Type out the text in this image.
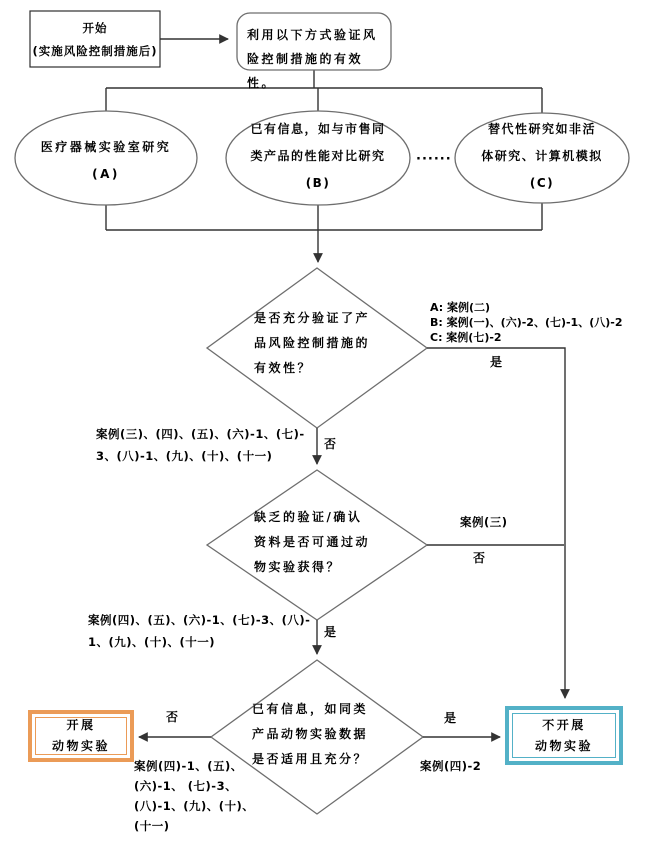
开始
(实施风险控制措施后)
利用以下方式验证风
险控制措施的有效性。
医疗器械实验室研究
(A)
已有信息，如与市售同
类产品的性能对比研究
(B)
······
替代性研究如非活
体研究、计算机模拟
(C)
是否充分验证了产
品风险控制措施的
有效性？
缺乏的验证/确认
资料是否可通过动
物实验获得？
已有信息，如同类
产品动物实验数据
是否适用且充分？
开展
动物实验
不开展
动物实验
是
否
否
是
否	是
A: 案例(二)
B: 案例(一)、(六)-2、(七)-1、(八)-2
C: 案例(七)-2
案例(三)、(四)、(五)、(六)-1、(七)-
3、(八)-1、(九)、(十)、(十一)
案例(三)
案例(四)、(五)、(六)-1、(七)-3、(八)-
1、(九)、(十)、(十一)
案例(四)-1、(五)、
(六)-1、 (七)-3、
(八)-1、(九)、(十)、
(十一)
案例(四)-2
